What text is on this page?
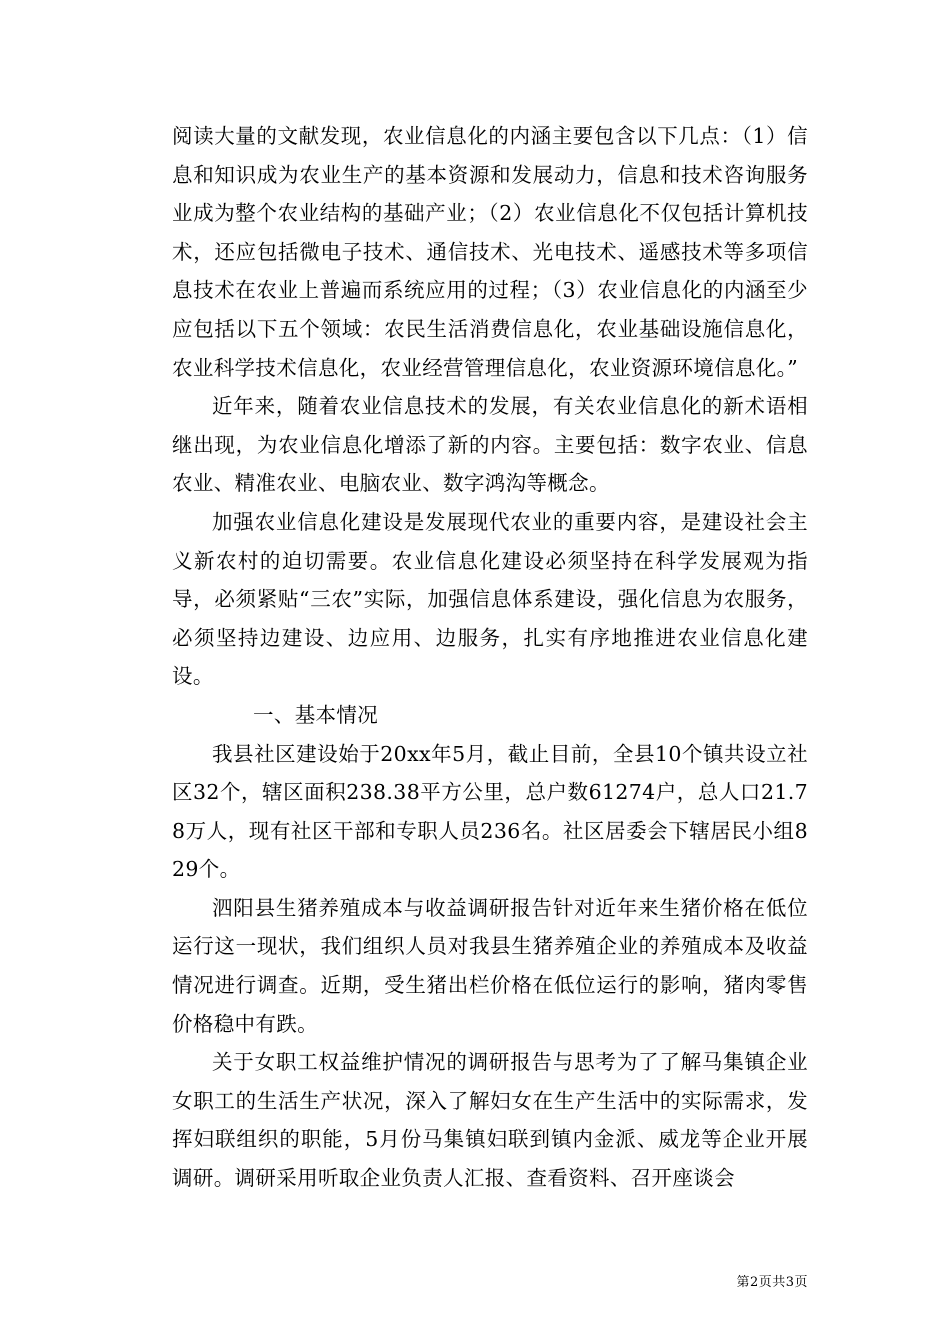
阅读大量的文献发现，农业信息化的内涵主要包含以下几点：（1）信息和知识成为农业生产的基本资源和发展动力，信息和技术咨询服务业成为整个农业结构的基础产业；（2）农业信息化不仅包括计算机技术，还应包括微电子技术、通信技术、光电技术、遥感技术等多项信息技术在农业上普遍而系统应用的过程；（3）农业信息化的内涵至少应包括以下五个领域：农民生活消费信息化，农业基础设施信息化，农业科学技术信息化，农业经营管理信息化，农业资源环境信息化。”

近年来，随着农业信息技术的发展，有关农业信息化的新术语相继出现，为农业信息化增添了新的内容。主要包括：数字农业、信息农业、精准农业、电脑农业、数字鸿沟等概念。

加强农业信息化建设是发展现代农业的重要内容，是建设社会主义新农村的迫切需要。农业信息化建设必须坚持在科学发展观为指导，必须紧贴“三农”实际，加强信息体系建设，强化信息为农服务，必须坚持边建设、边应用、边服务，扎实有序地推进农业信息化建设。

一、基本情况

我县社区建设始于20xx年5月，截止目前，全县10个镇共设立社区32个，辖区面积238.38平方公里，总户数61274户，总人口21.78万人，现有社区干部和专职人员236名。社区居委会下辖居民小组829个。

泗阳县生猪养殖成本与收益调研报告针对近年来生猪价格在低位运行这一现状，我们组织人员对我县生猪养殖企业的养殖成本及收益情况进行调查。近期，受生猪出栏价格在低位运行的影响，猪肉零售价格稳中有跌。

关于女职工权益维护情况的调研报告与思考为了了解马集镇企业女职工的生活生产状况，深入了解妇女在生产生活中的实际需求，发挥妇联组织的职能，5月份马集镇妇联到镇内金派、威龙等企业开展调研。调研采用听取企业负责人汇报、查看资料、召开座谈会

第2页共3页
